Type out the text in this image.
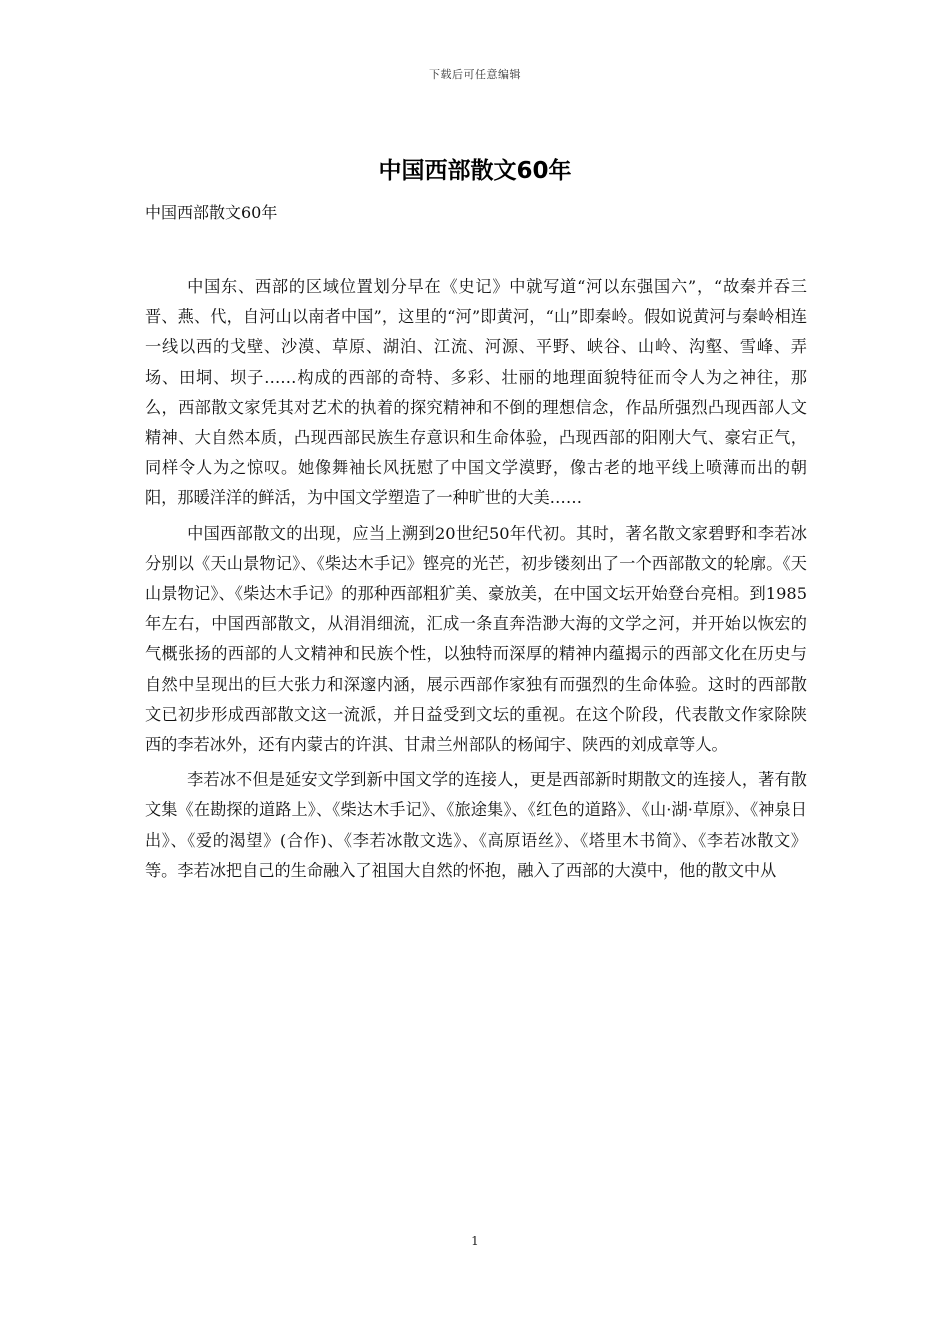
下载后可任意编辑
中国西部散文60年
中国西部散文60年

中国东、西部的区域位置划分早在《史记》中就写道“河以东强国六”，“故秦并吞三晋、燕、代，自河山以南者中国”，这里的“河”即黄河，“山”即秦岭。假如说黄河与秦岭相连一线以西的戈壁、沙漠、草原、湖泊、江流、河源、平野、峡谷、山岭、沟壑、雪峰、弄场、田垌、坝子……构成的西部的奇特、多彩、壮丽的地理面貌特征而令人为之神往，那么，西部散文家凭其对艺术的执着的探究精神和不倒的理想信念，作品所强烈凸现西部人文精神、大自然本质，凸现西部民族生存意识和生命体验，凸现西部的阳刚大气、豪宕正气，同样令人为之惊叹。她像舞袖长风抚慰了中国文学漠野，像古老的地平线上喷薄而出的朝阳，那暖洋洋的鲜活，为中国文学塑造了一种旷世的大美……

中国西部散文的出现，应当上溯到20世纪50年代初。其时，著名散文家碧野和李若冰分别以《天山景物记》、《柴达木手记》铿亮的光芒，初步镂刻出了一个西部散文的轮廓。《天山景物记》、《柴达木手记》的那种西部粗犷美、豪放美，在中国文坛开始登台亮相。到1985年左右，中国西部散文，从涓涓细流，汇成一条直奔浩渺大海的文学之河，并开始以恢宏的气概张扬的西部的人文精神和民族个性，以独特而深厚的精神内蕴揭示的西部文化在历史与自然中呈现出的巨大张力和深邃内涵，展示西部作家独有而强烈的生命体验。这时的西部散文已初步形成西部散文这一流派，并日益受到文坛的重视。在这个阶段，代表散文作家除陕西的李若冰外，还有内蒙古的许淇、甘肃兰州部队的杨闻宇、陕西的刘成章等人。

李若冰不但是延安文学到新中国文学的连接人，更是西部新时期散文的连接人，著有散文集《在勘探的道路上》、《柴达木手记》、《旅途集》、《红色的道路》、《山·湖·草原》、《神泉日出》、《爱的渴望》(合作)、《李若冰散文选》、《高原语丝》、《塔里木书简》、《李若冰散文》等。李若冰把自己的生命融入了祖国大自然的怀抱，融入了西部的大漠中，他的散文中从

1
